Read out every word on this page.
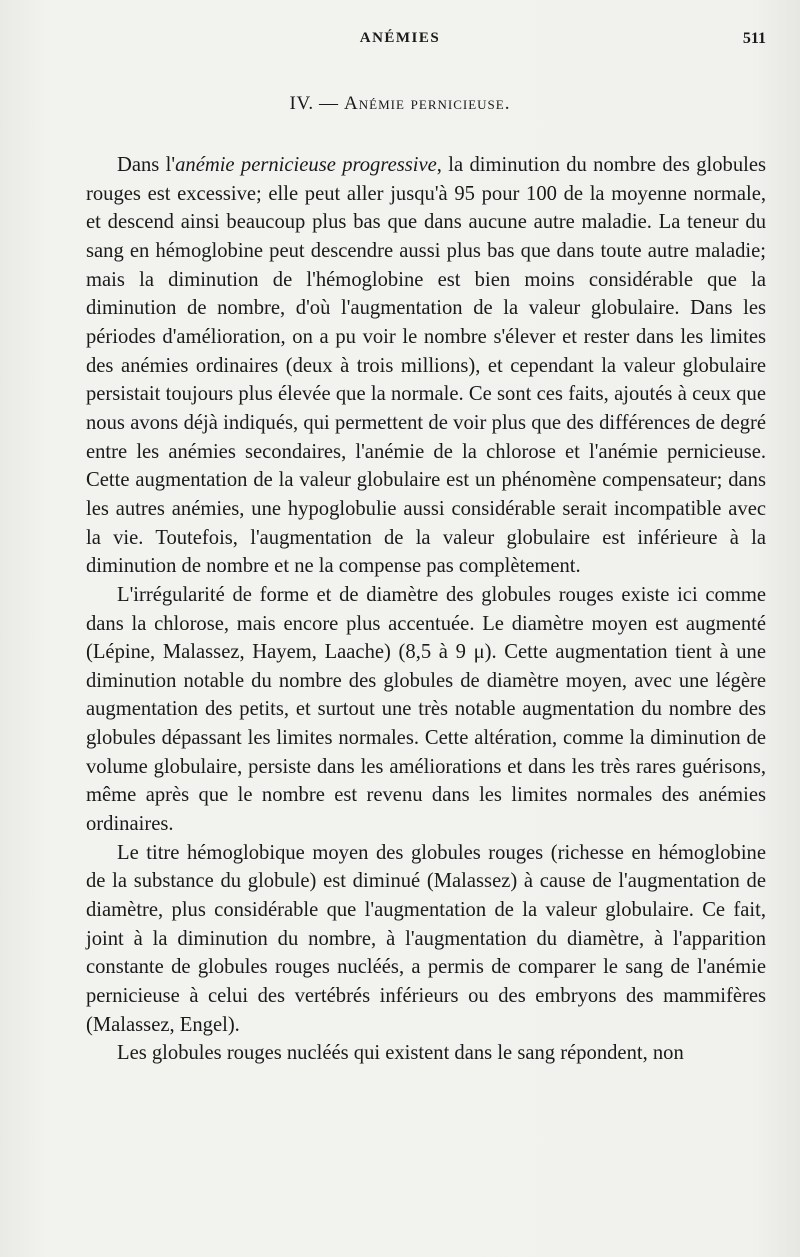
ANÉMIES	511
IV. — Anémie pernicieuse.

Dans l'anémie pernicieuse progressive, la diminution du nombre des globules rouges est excessive; elle peut aller jusqu'à 95 pour 100 de la moyenne normale, et descend ainsi beaucoup plus bas que dans aucune autre maladie. La teneur du sang en hémoglobine peut descendre aussi plus bas que dans toute autre maladie; mais la diminution de l'hémoglobine est bien moins considérable que la diminution de nombre, d'où l'augmentation de la valeur globulaire. Dans les périodes d'amélioration, on a pu voir le nombre s'élever et rester dans les limites des anémies ordinaires (deux à trois millions), et cependant la valeur globulaire persistait toujours plus élevée que la normale. Ce sont ces faits, ajoutés à ceux que nous avons déjà indiqués, qui permettent de voir plus que des différences de degré entre les anémies secondaires, l'anémie de la chlorose et l'anémie pernicieuse. Cette augmentation de la valeur globulaire est un phénomène compensateur; dans les autres anémies, une hypoglobulie aussi considérable serait incompatible avec la vie. Toutefois, l'augmentation de la valeur globulaire est inférieure à la diminution de nombre et ne la compense pas complètement.

L'irrégularité de forme et de diamètre des globules rouges existe ici comme dans la chlorose, mais encore plus accentuée. Le diamètre moyen est augmenté (Lépine, Malassez, Hayem, Laache) (8,5 à 9 μ). Cette augmentation tient à une diminution notable du nombre des globules de diamètre moyen, avec une légère augmentation des petits, et surtout une très notable augmentation du nombre des globules dépassant les limites normales. Cette altération, comme la diminution de volume globulaire, persiste dans les améliorations et dans les très rares guérisons, même après que le nombre est revenu dans les limites normales des anémies ordinaires.

Le titre hémoglobique moyen des globules rouges (richesse en hémoglobine de la substance du globule) est diminué (Malassez) à cause de l'augmentation de diamètre, plus considérable que l'augmentation de la valeur globulaire. Ce fait, joint à la diminution du nombre, à l'augmentation du diamètre, à l'apparition constante de globules rouges nucléés, a permis de comparer le sang de l'anémie pernicieuse à celui des vertébrés inférieurs ou des embryons des mammifères (Malassez, Engel).

Les globules rouges nucléés qui existent dans le sang répondent, non
